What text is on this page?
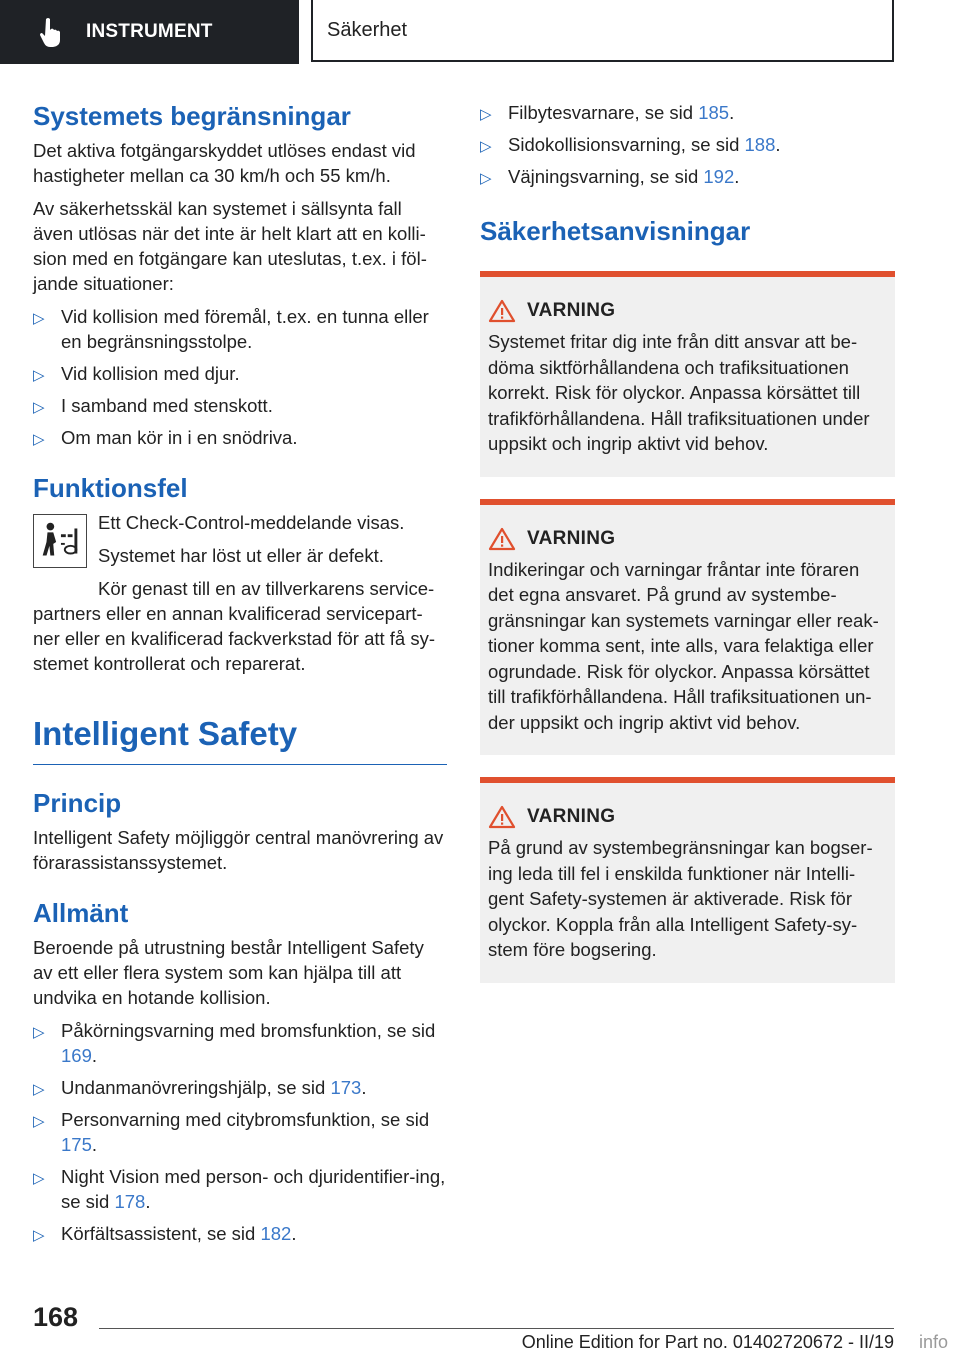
INSTRUMENT	Säkerhet
Systemets begränsningar

Det aktiva fotgängarskyddet utlöses endast vid hastigheter mellan ca 30 km/h och 55 km/h.

Av säkerhetsskäl kan systemet i sällsynta fall även utlösas när det inte är helt klart att en kolli-sion med en fotgängare kan uteslutas, t.ex. i föl-jande situationer:

▷ Vid kollision med föremål, t.ex. en tunna eller en begränsningsstolpe.
▷ Vid kollision med djur.
▷ I samband med stenskott.
▷ Om man kör in i en snödriva.
Funktionsfel

Ett Check-Control-meddelande visas.

Systemet har löst ut eller är defekt.

Kör genast till en av tillverkarens service-

partners eller en annan kvalificerad servicepart-ner eller en kvalificerad fackverkstad för att få sy-stemet kontrollerat och reparerat.

Intelligent Safety
Princip

Intelligent Safety möjliggör central manövrering av förarassistanssystemet.

Allmänt

Beroende på utrustning består Intelligent Safety av ett eller flera system som kan hjälpa till att undvika en hotande kollision.

▷ Påkörningsvarning med bromsfunktion, se sid 169.
▷ Undanmanövreringshjälp, se sid 173.
▷ Personvarning med citybromsfunktion, se sid 175.
▷ Night Vision med person- och djuridentifier-ing, se sid 178.
▷ Körfältsassistent, se sid 182.
▷ Filbytesvarnare, se sid 185.
▷ Sidokollisionsvarning, se sid 188.
▷ Väjningsvarning, se sid 192.
Säkerhetsanvisningar
VARNING

Systemet fritar dig inte från ditt ansvar att be-döma siktförhållandena och trafiksituationen korrekt. Risk för olyckor. Anpassa körsättet till trafikförhållandena. Håll trafiksituationen under uppsikt och ingrip aktivt vid behov.

VARNING

Indikeringar och varningar fråntar inte föraren det egna ansvaret. På grund av systembe-gränsningar kan systemets varningar eller reak-tioner komma sent, inte alls, vara felaktiga eller ogrundade. Risk för olyckor. Anpassa körsättet till trafikförhållandena. Håll trafiksituationen un-der uppsikt och ingrip aktivt vid behov.

VARNING

På grund av systembegränsningar kan bogser-ing leda till fel i enskilda funktioner när Intelli-gent Safety-systemen är aktiverade. Risk för olyckor. Koppla från alla Intelligent Safety-sy-stem före bogsering.

168
Online Edition for Part no. 01402720672 - II/19 info
